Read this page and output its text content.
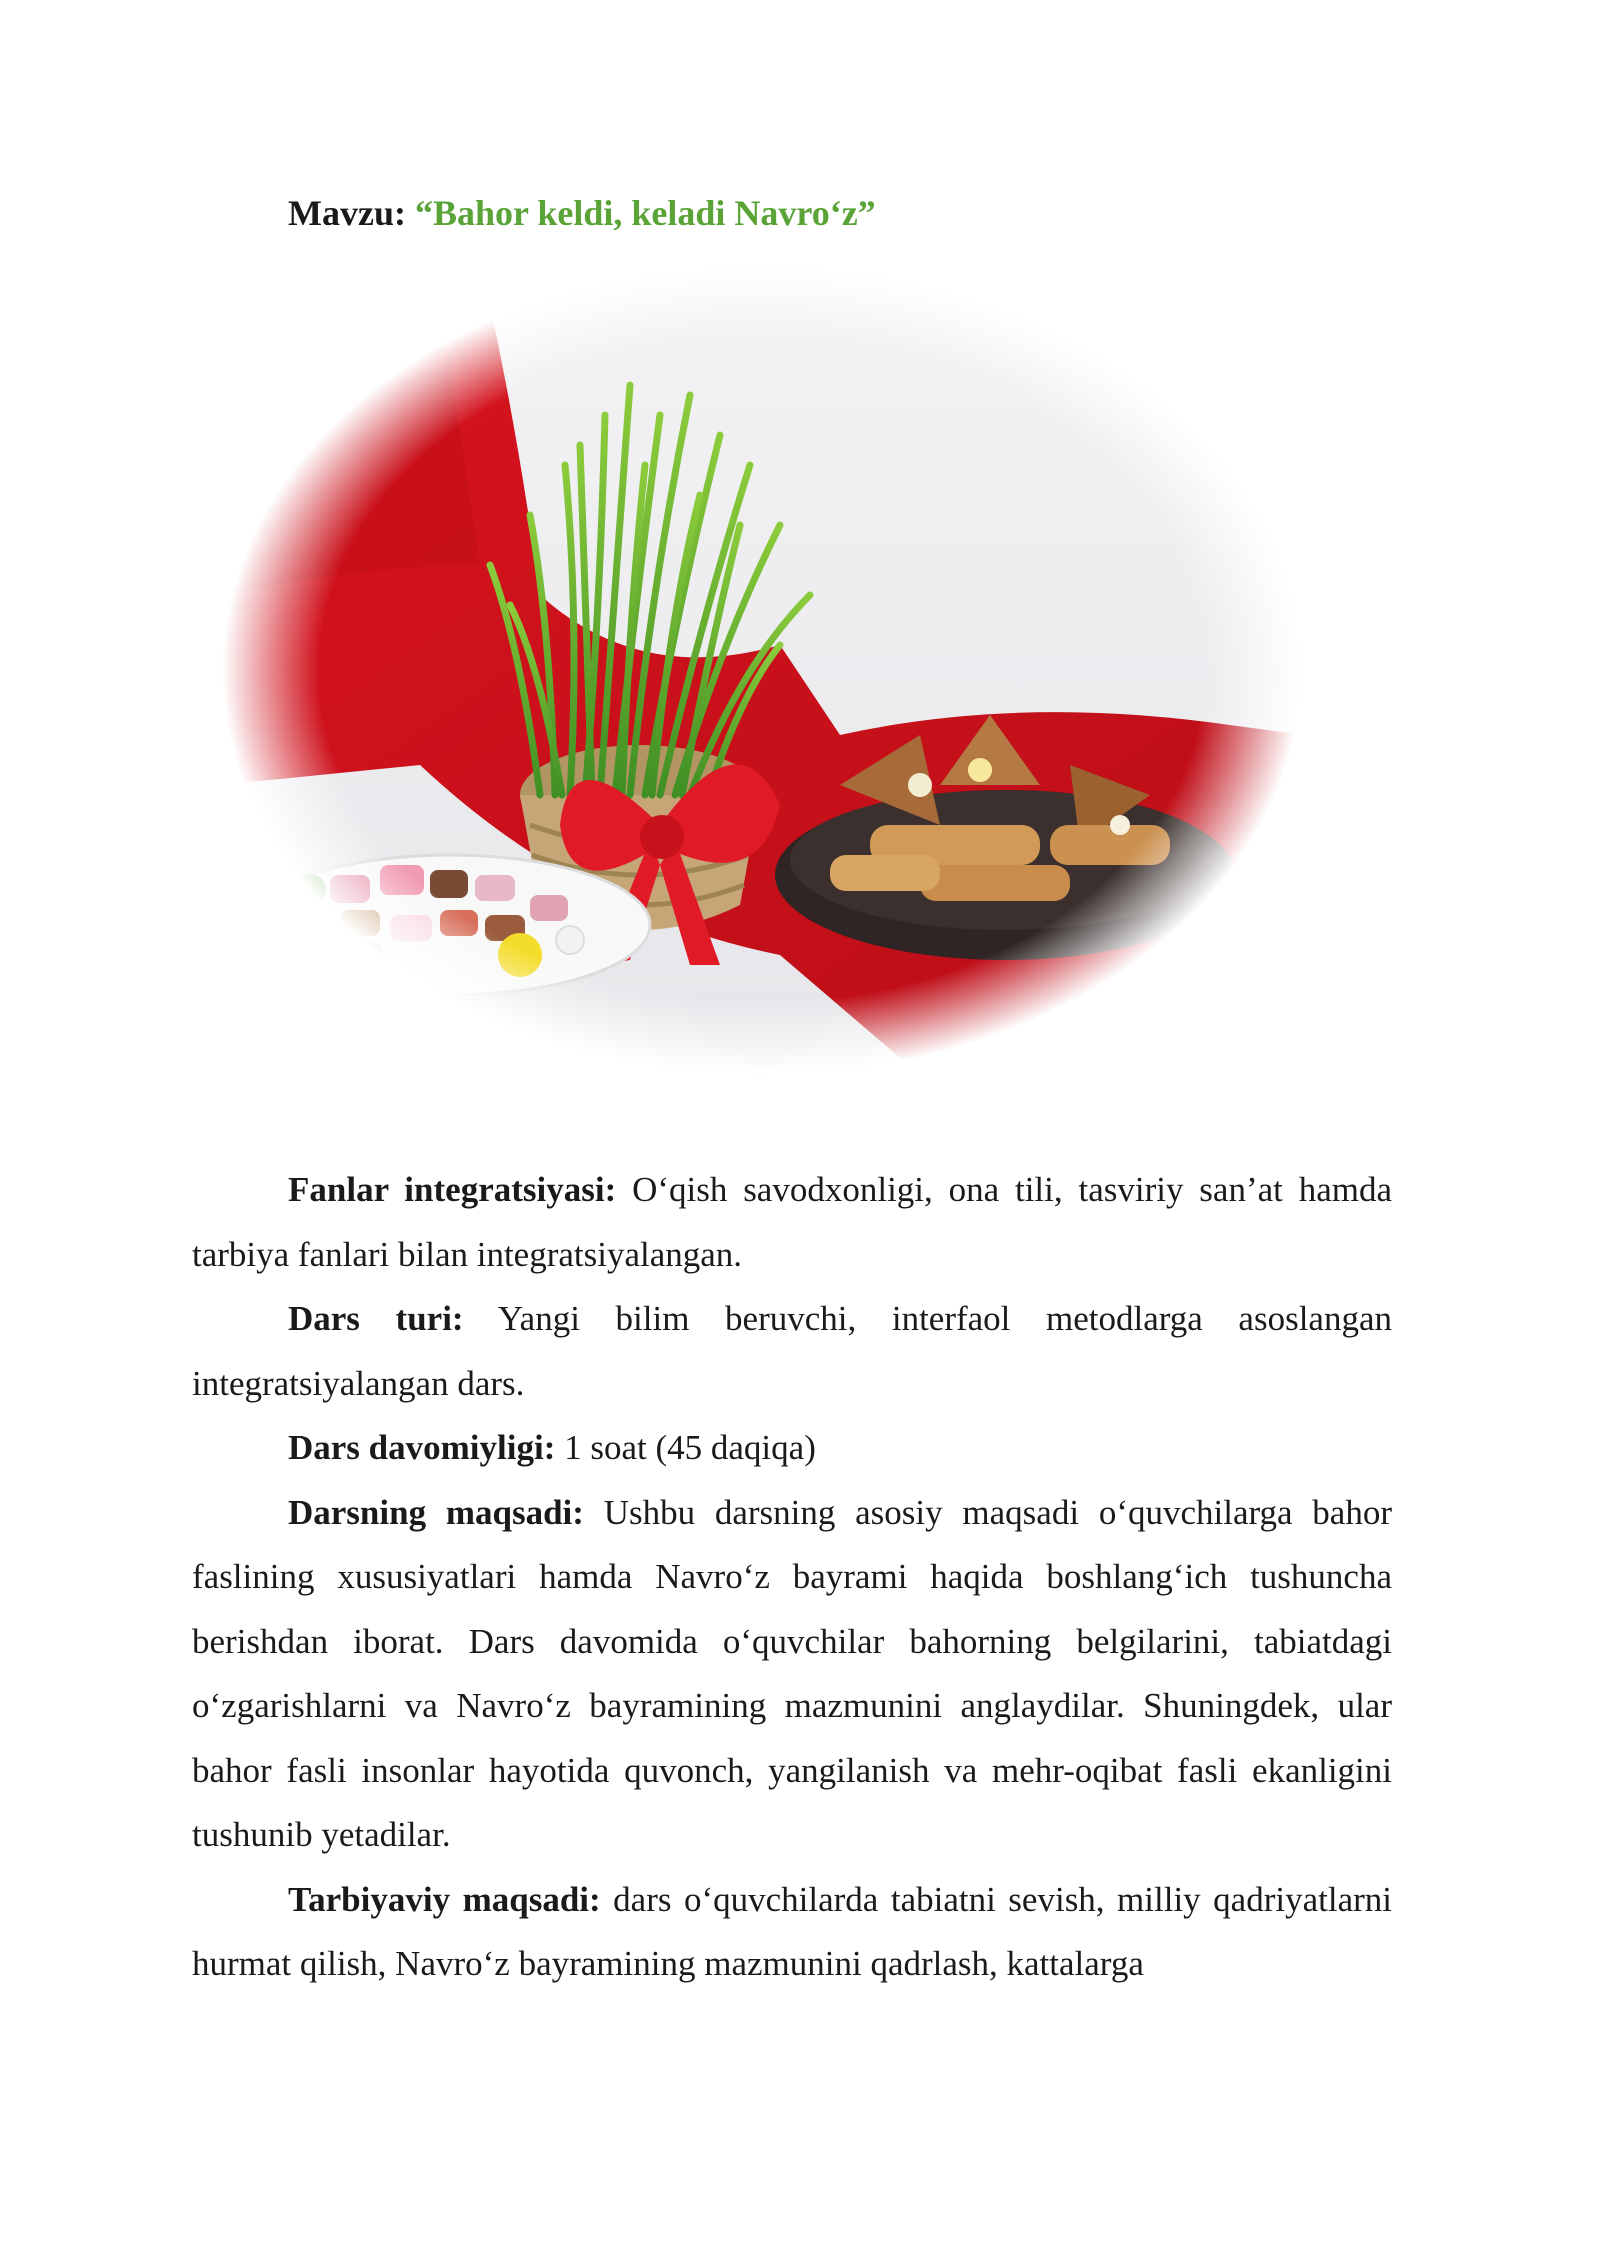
Mavzu: “Bahor keldi, keladi Navro‘z”

Fanlar integratsiyasi: O‘qish savodxonligi, ona tili, tasviriy san’at hamda tarbiya fanlari bilan integratsiyalangan.

Dars turi: Yangi bilim beruvchi, interfaol metodlarga asoslangan integratsiyalangan dars.

Dars davomiyligi: 1 soat (45 daqiqa)

Darsning maqsadi: Ushbu darsning asosiy maqsadi o‘quvchilarga bahor faslining xususiyatlari hamda Navro‘z bayrami haqida boshlang‘ich tushuncha berishdan iborat. Dars davomida o‘quvchilar bahorning belgilarini, tabiatdagi o‘zgarishlarni va Navro‘z bayramining mazmunini anglaydilar. Shuningdek, ular bahor fasli insonlar hayotida quvonch, yangilanish va mehr-oqibat fasli ekanligini tushunib yetadilar.

Tarbiyaviy maqsadi: dars o‘quvchilarda tabiatni sevish, milliy qadriyatlarni hurmat qilish, Navro‘z bayramining mazmunini qadrlash, kattalarga
